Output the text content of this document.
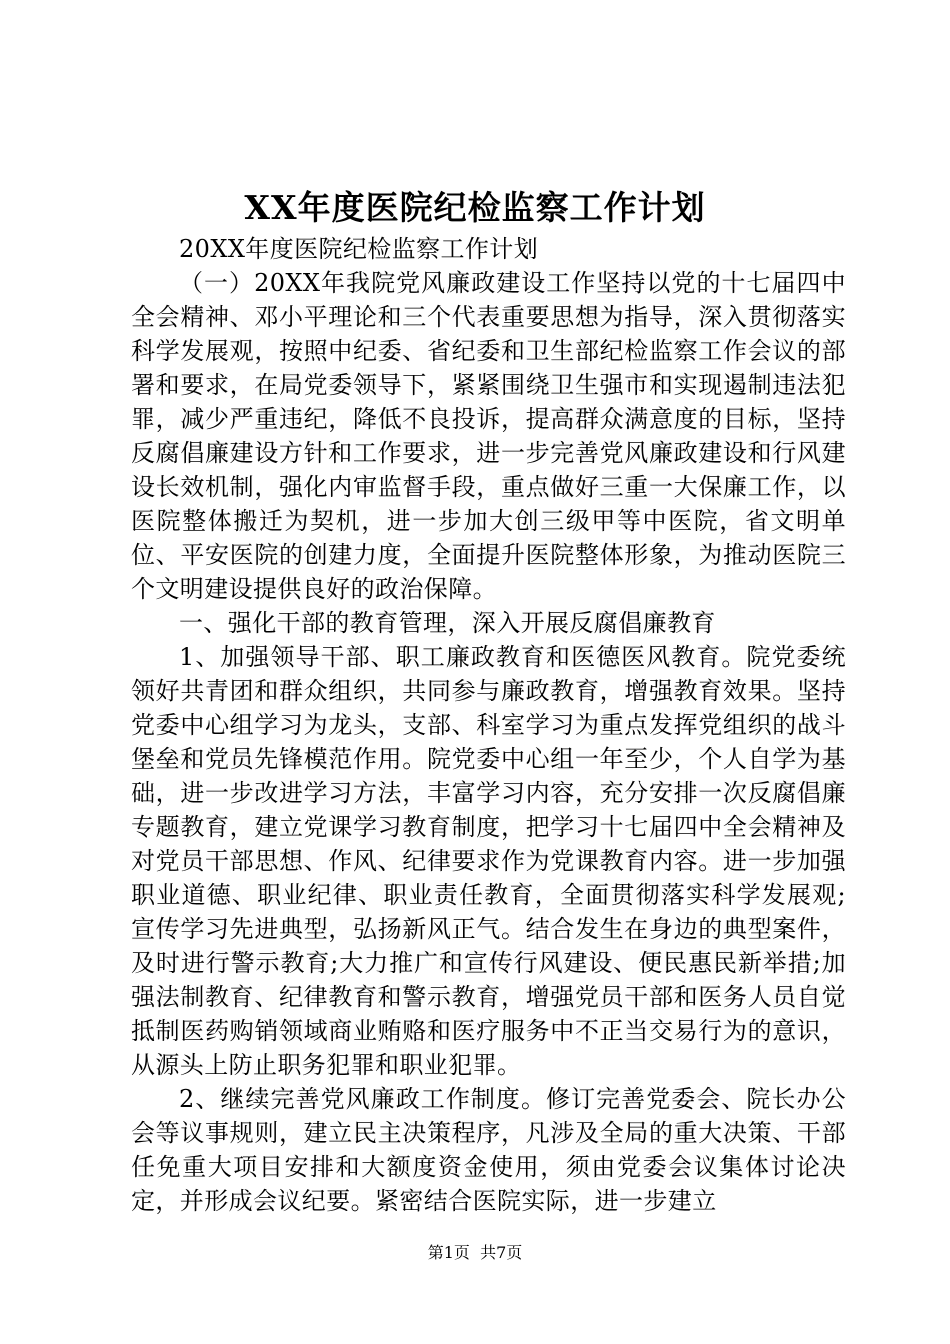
XX年度医院纪检监察工作计划

20XX年度医院纪检监察工作计划

（一）20XX年我院党风廉政建设工作坚持以党的十七届四中全会精神、邓小平理论和三个代表重要思想为指导，深入贯彻落实科学发展观，按照中纪委、省纪委和卫生部纪检监察工作会议的部署和要求，在局党委领导下，紧紧围绕卫生强市和实现遏制违法犯罪，减少严重违纪，降低不良投诉，提高群众满意度的目标，坚持反腐倡廉建设方针和工作要求，进一步完善党风廉政建设和行风建设长效机制，强化内审监督手段，重点做好三重一大保廉工作，以医院整体搬迁为契机，进一步加大创三级甲等中医院，省文明单位、平安医院的创建力度，全面提升医院整体形象，为推动医院三个文明建设提供良好的政治保障。

一、强化干部的教育管理，深入开展反腐倡廉教育

1、加强领导干部、职工廉政教育和医德医风教育。院党委统领好共青团和群众组织，共同参与廉政教育，增强教育效果。坚持党委中心组学习为龙头，支部、科室学习为重点发挥党组织的战斗堡垒和党员先锋模范作用。院党委中心组一年至少，个人自学为基础，进一步改进学习方法，丰富学习内容，充分安排一次反腐倡廉专题教育，建立党课学习教育制度，把学习十七届四中全会精神及对党员干部思想、作风、纪律要求作为党课教育内容。进一步加强职业道德、职业纪律、职业责任教育，全面贯彻落实科学发展观;宣传学习先进典型，弘扬新风正气。结合发生在身边的典型案件，及时进行警示教育;大力推广和宣传行风建设、便民惠民新举措;加强法制教育、纪律教育和警示教育，增强党员干部和医务人员自觉抵制医药购销领域商业贿赂和医疗服务中不正当交易行为的意识，从源头上防止职务犯罪和职业犯罪。

2、继续完善党风廉政工作制度。修订完善党委会、院长办公会等议事规则，建立民主决策程序，凡涉及全局的重大决策、干部任免重大项目安排和大额度资金使用，须由党委会议集体讨论决定，并形成会议纪要。紧密结合医院实际，进一步建立

第1页  共7页
